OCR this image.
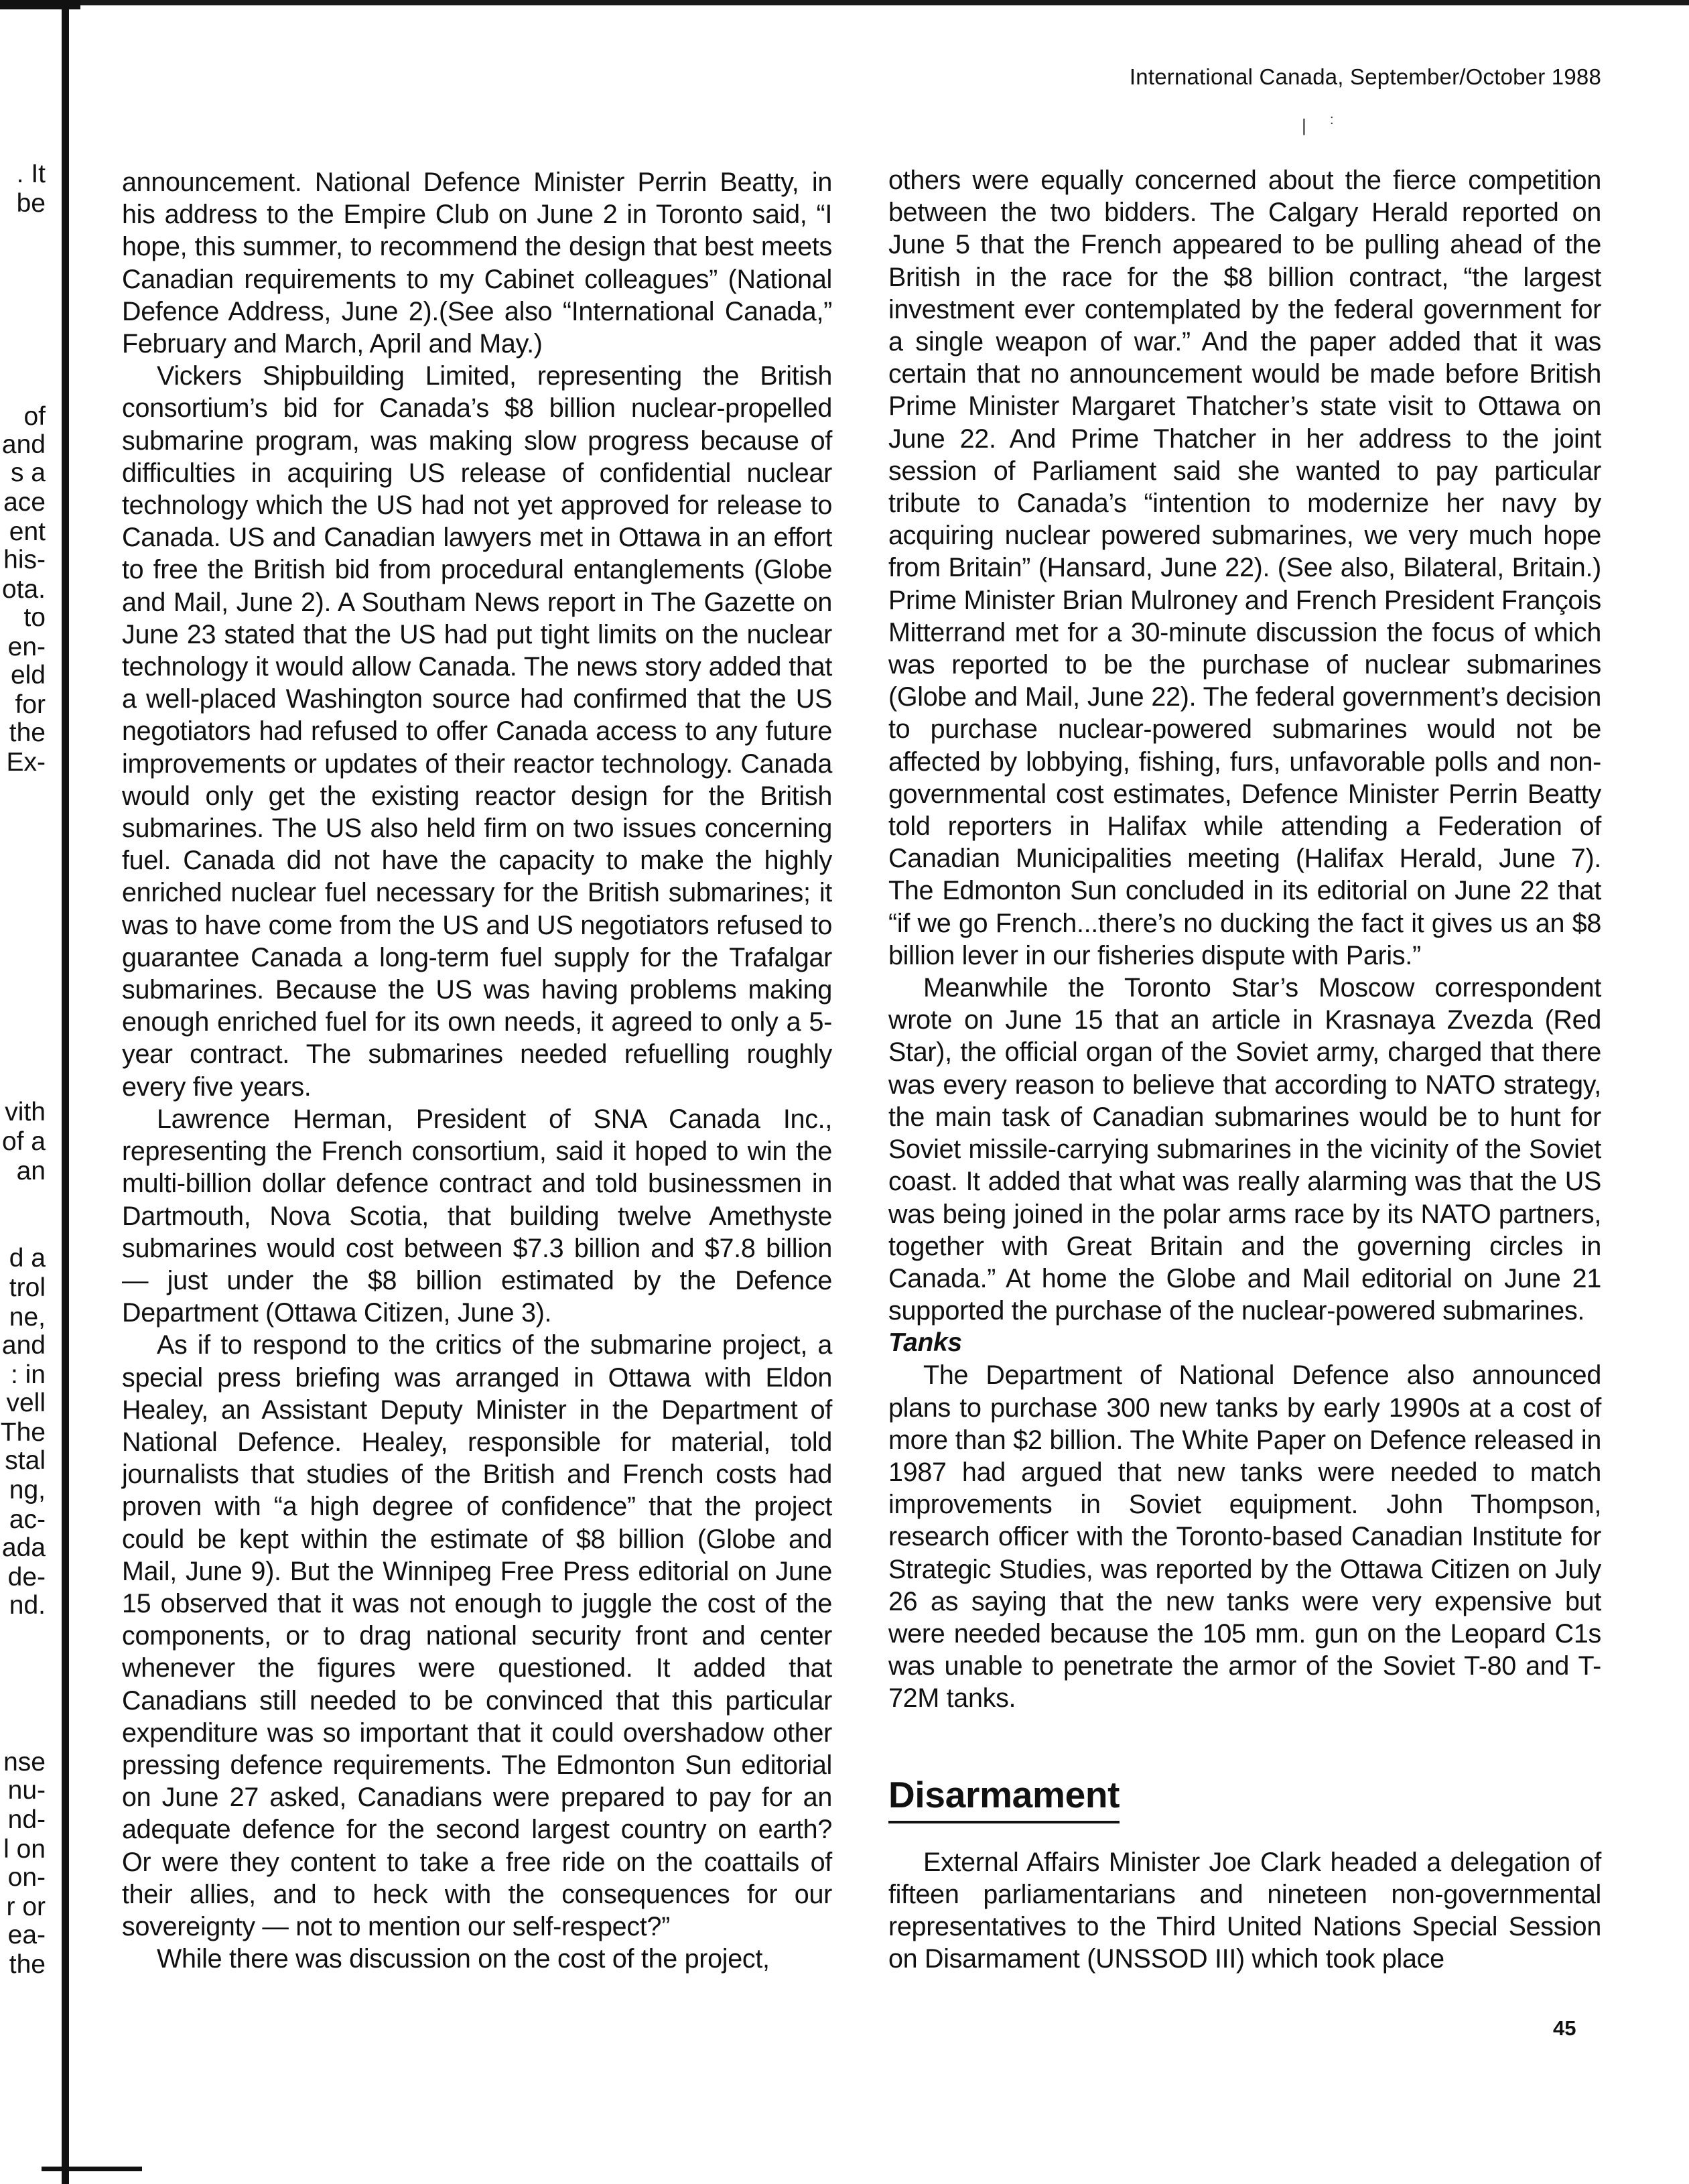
International Canada, September/October 1988
| :
. It
be
of
and
s a
ace
ent
his-
ota.
to
en-
eld
for
the
Ex-
vith
of a
an
d a
trol
ne,
and
: in
vell
The
stal
ng,
ac-
ada
de-
nd.
nse
nu-
nd-
l on
on-
r or
ea-
the

announcement. National Defence Minister Perrin Beatty, in his address to the Empire Club on June 2 in Toronto said, “I hope, this summer, to recommend the design that best meets Canadian requirements to my Cabinet colleagues” (National Defence Address, June 2).(See also “International Canada,” February and March, April and May.)

Vickers Shipbuilding Limited, representing the British consortium’s bid for Canada’s $8 billion nuclear-propelled submarine program, was making slow progress because of difficulties in acquiring US release of confidential nuclear technology which the US had not yet approved for release to Canada. US and Canadian lawyers met in Ottawa in an effort to free the British bid from procedural entanglements (Globe and Mail, June 2). A Southam News report in The Gazette on June 23 stated that the US had put tight limits on the nuclear technology it would allow Canada. The news story added that a well-placed Washington source had confirmed that the US negotiators had refused to offer Canada access to any future improvements or updates of their reactor technology. Canada would only get the existing reactor design for the British submarines. The US also held firm on two issues concerning fuel. Canada did not have the capacity to make the highly enriched nuclear fuel necessary for the British submarines; it was to have come from the US and US negotiators refused to guarantee Canada a long-term fuel supply for the Trafalgar submarines. Because the US was having problems making enough enriched fuel for its own needs, it agreed to only a 5-year contract. The submarines needed refuelling roughly every five years.

Lawrence Herman, President of SNA Canada Inc., representing the French consortium, said it hoped to win the multi-billion dollar defence contract and told businessmen in Dartmouth, Nova Scotia, that building twelve Amethyste submarines would cost between $7.3 billion and $7.8 billion — just under the $8 billion estimated by the Defence Department (Ottawa Citizen, June 3).

As if to respond to the critics of the submarine project, a special press briefing was arranged in Ottawa with Eldon Healey, an Assistant Deputy Minister in the Department of National Defence. Healey, responsible for material, told journalists that studies of the British and French costs had proven with “a high degree of confidence” that the project could be kept within the estimate of $8 billion (Globe and Mail, June 9). But the Winnipeg Free Press editorial on June 15 observed that it was not enough to juggle the cost of the components, or to drag national security front and center whenever the figures were questioned. It added that Canadians still needed to be convinced that this particular expenditure was so important that it could overshadow other pressing defence requirements. The Edmonton Sun editorial on June 27 asked, Canadians were prepared to pay for an adequate defence for the second largest country on earth? Or were they content to take a free ride on the coattails of their allies, and to heck with the consequences for our sovereignty — not to mention our self-respect?”

While there was discussion on the cost of the project,

others were equally concerned about the fierce competition between the two bidders. The Calgary Herald reported on June 5 that the French appeared to be pulling ahead of the British in the race for the $8 billion contract, “the largest investment ever contemplated by the federal government for a single weapon of war.” And the paper added that it was certain that no announcement would be made before British Prime Minister Margaret Thatcher’s state visit to Ottawa on June 22. And Prime Thatcher in her address to the joint session of Parliament said she wanted to pay particular tribute to Canada’s “intention to modernize her navy by acquiring nuclear powered submarines, we very much hope from Britain” (Hansard, June 22). (See also, Bilateral, Britain.) Prime Minister Brian Mulroney and French President François Mitterrand met for a 30-minute discussion the focus of which was reported to be the purchase of nuclear submarines (Globe and Mail, June 22). The federal government’s decision to purchase nuclear-powered submarines would not be affected by lobbying, fishing, furs, unfavorable polls and non-governmental cost estimates, Defence Minister Perrin Beatty told reporters in Halifax while attending a Federation of Canadian Municipalities meeting (Halifax Herald, June 7). The Edmonton Sun concluded in its editorial on June 22 that “if we go French...there’s no ducking the fact it gives us an $8 billion lever in our fisheries dispute with Paris.”

Meanwhile the Toronto Star’s Moscow correspondent wrote on June 15 that an article in Krasnaya Zvezda (Red Star), the official organ of the Soviet army, charged that there was every reason to believe that according to NATO strategy, the main task of Canadian submarines would be to hunt for Soviet missile-carrying submarines in the vicinity of the Soviet coast. It added that what was really alarming was that the US was being joined in the polar arms race by its NATO partners, together with Great Britain and the governing circles in Canada.” At home the Globe and Mail editorial on June 21 supported the purchase of the nuclear-powered submarines.

Tanks

The Department of National Defence also announced plans to purchase 300 new tanks by early 1990s at a cost of more than $2 billion. The White Paper on Defence released in 1987 had argued that new tanks were needed to match improvements in Soviet equipment. John Thompson, research officer with the Toronto-based Canadian Institute for Strategic Studies, was reported by the Ottawa Citizen on July 26 as saying that the new tanks were very expensive but were needed because the 105 mm. gun on the Leopard C1s was unable to penetrate the armor of the Soviet T-80 and T-72M tanks.

Disarmament

External Affairs Minister Joe Clark headed a delegation of fifteen parliamentarians and nineteen non-governmental representatives to the Third United Nations Special Session on Disarmament (UNSSOD III) which took place

45
